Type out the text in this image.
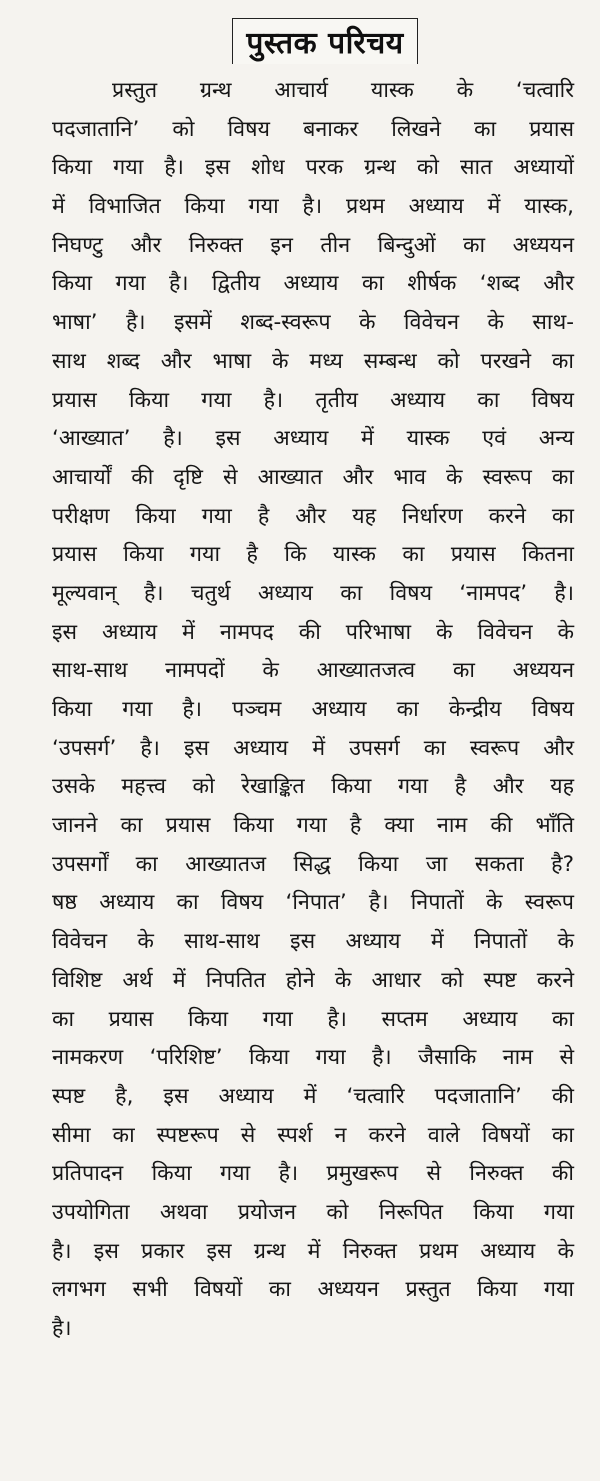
पुस्तक परिचय
प्रस्तुत ग्रन्थ आचार्य यास्क के ‘चत्वारि
पदजातानि’ को विषय बनाकर लिखने का प्रयास
किया गया है। इस शोध परक ग्रन्थ को सात अध्यायों
में विभाजित किया गया है। प्रथम अध्याय में यास्क,
निघण्टु और निरुक्त इन तीन बिन्दुओं का अध्ययन
किया गया है। द्वितीय अध्याय का शीर्षक ‘शब्द और
भाषा’ है। इसमें शब्द-स्वरूप के विवेचन के साथ-
साथ शब्द और भाषा के मध्य सम्बन्ध को परखने का
प्रयास किया गया है। तृतीय अध्याय का विषय
‘आख्यात’ है। इस अध्याय में यास्क एवं अन्य
आचार्यों की दृष्टि से आख्यात और भाव के स्वरूप का
परीक्षण किया गया है और यह निर्धारण करने का
प्रयास किया गया है कि यास्क का प्रयास कितना
मूल्यवान् है। चतुर्थ अध्याय का विषय ‘नामपद’ है।
इस अध्याय में नामपद की परिभाषा के विवेचन के
साथ-साथ नामपदों के आख्यातजत्व का अध्ययन
किया गया है। पञ्चम अध्याय का केन्द्रीय विषय
‘उपसर्ग’ है। इस अध्याय में उपसर्ग का स्वरूप और
उसके महत्त्व को रेखाङ्कित किया गया है और यह
जानने का प्रयास किया गया है क्या नाम की भाँति
उपसर्गों का आख्यातज सिद्ध किया जा सकता है?
षष्ठ अध्याय का विषय ‘निपात’ है। निपातों के स्वरूप
विवेचन के साथ-साथ इस अध्याय में निपातों के
विशिष्ट अर्थ में निपतित होने के आधार को स्पष्ट करने
का प्रयास किया गया है। सप्तम अध्याय का
नामकरण ‘परिशिष्ट’ किया गया है। जैसाकि नाम से
स्पष्ट है, इस अध्याय में ‘चत्वारि पदजातानि’ की
सीमा का स्पष्टरूप से स्पर्श न करने वाले विषयों का
प्रतिपादन किया गया है। प्रमुखरूप से निरुक्त की
उपयोगिता अथवा प्रयोजन को निरूपित किया गया
है। इस प्रकार इस ग्रन्थ में निरुक्त प्रथम अध्याय के
लगभग सभी विषयों का अध्ययन प्रस्तुत किया गया
है।
